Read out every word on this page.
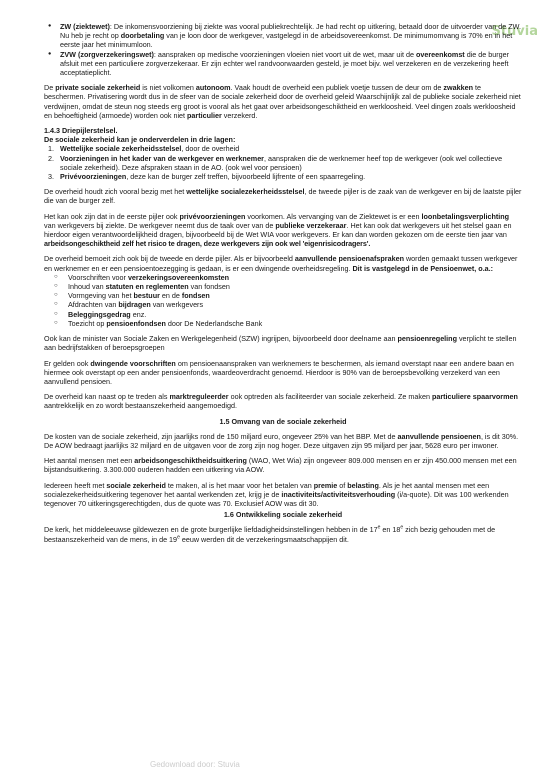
Stuvia
● ZW (ziektewet): De inkomensvoorziening bij ziekte was vooral publiekrechtelijk. Je had recht op uitkering, betaald door de uitvoerder van de ZW. Nu heb je recht op doorbetaling van je loon door de werkgever, vastgelegd in de arbeidsovereenkomst. De minimumomvang is 70% en in het eerste jaar het minimumloon.
● ZVW (zorgverzekeringswet): aanspraken op medische voorzieningen vloeien niet voort uit de wet, maar uit de overeenkomst die de burger afsluit met een particuliere zorgverzekeraar. Er zijn echter wel randvoorwaarden gesteld, je moet bijv. wel verzekeren en de verzekering heeft acceptatieplicht.

De private sociale zekerheid is niet volkomen autonoom. Vaak houdt de overheid een publiek voetje tussen de deur om de zwakken te beschermen. Privatisering wordt dus in de sfeer van de sociale zekerheid door de overheid geleid Waarschijnlijk zal de publieke sociale zekerheid niet verdwijnen, omdat de steun nog steeds erg groot is vooral als het gaat over arbeidsongeschiktheid en werkloosheid. Veel dingen zoals werkloosheid en behoeftigheid (armoede) worden ook niet particulier verzekerd.

1.4.3 Driepijlerstelsel.
De sociale zekerheid kan je onderverdelen in drie lagen:
1. Wettelijke sociale zekerheidsstelsel, door de overheid
2. Voorzieningen in het kader van de werkgever en werknemer, aanspraken die de werknemer heef top de werkgever (ook wel collectieve sociale zekerheid). Deze afspraken staan in de AO. (ook wel voor pensioen)
3. Privévoorzieningen, deze kan de burger zelf treffen, bijvoorbeeld lijfrente of een spaarregeling.

De overheid houdt zich vooral bezig met het wettelijke socialezekerheidsstelsel, de tweede pijler is de zaak van de werkgever en bij de laatste pijler die van de burger zelf.

Het kan ook zijn dat in de eerste pijler ook privévoorzieningen voorkomen. Als vervanging van de Ziektewet is er een loonbetalingsverplichting van werkgevers bij ziekte. De werkgever neemt dus de taak over van de publieke verzekeraar. Het kan ook dat werkgevers uit het stelsel gaan en hierdoor eigen verantwoordelijkheid dragen, bijvoorbeeld bij de Wet WIA voor werkgevers. Er kan dan worden gekozen om de eerste tien jaar van
arbeidsongeschiktheid zelf het risico te dragen, deze werkgevers zijn ook wel 'eigenrisicodragers'.

De overheid bemoeit zich ook bij de tweede en derde pijler. Als er bijvoorbeeld aanvullende pensioenafspraken worden gemaakt tussen werkgever en werknemer en er een pensioentoezegging is gedaan, is er een dwingende overheidsregeling. Dit is vastgelegd in de Pensioenwet, o.a.:

○ Voorschriften voor verzekeringsovereenkomsten
○ Inhoud van statuten en reglementen van fondsen
○ Vormgeving van het bestuur en de fondsen
○ Afdrachten van bijdragen van werkgevers
○ Beleggingsgedrag enz.
○ Toezicht op pensioenfondsen door De Nederlandsche Bank

Ook kan de minister van Sociale Zaken en Werkgelegenheid (SZW) ingrijpen, bijvoorbeeld door deelname aan pensioenregeling verplicht te stellen aan bedrijfstakken of beroepsgroepen

Er gelden ook dwingende voorschriften om pensioenaanspraken van werknemers te beschermen, als iemand overstapt naar een andere baan en hiermee ook overstapt op een ander pensioenfonds, waardeoverdracht genoemd. Hierdoor is 90% van de beroepsbevolking verzekerd van een aanvullend pensioen.

De overheid kan naast op te treden als marktreguleerder ook optreden als faciliteerder van sociale zekerheid. Ze maken particuliere spaarvormen aantrekkelijk en zo wordt bestaanszekerheid aangemoedigd.

1.5 Omvang van de sociale zekerheid

De kosten van de sociale zekerheid, zijn jaarlijks rond de 150 miljard euro, ongeveer 25% van het BBP. Met de aanvullende pensioenen, is dit 30%. De AOW bedraagt jaarlijks 32 miljard en de uitgaven voor de zorg zijn nog hoger. Deze uitgaven zijn 95 miljard per jaar, 5628 euro per inwoner.

Het aantal mensen met een arbeidsongeschiktheidsuitkering (WAO, Wet Wia) zijn ongeveer 809.000 mensen en er zijn 450.000 mensen met een bijstandsuitkering. 3.300.000 ouderen hadden een uitkering via AOW.

Iedereen heeft met sociale zekerheid te maken, al is het maar voor het betalen van premie of belasting. Als je het aantal mensen met een socialezekerheidsuitkering tegenover het aantal werkenden zet, krijg je de inactiviteits/activiteitsverhouding (i/a-quote). Dit was 100 werkenden tegenover 70 uitkeringsgerechtigden, dus de quote was 70. Exclusief AOW was dit 30.

1.6 Ontwikkeling sociale zekerheid

De kerk, het middeleeuwse gildewezen en de grote burgerlijke liefdadigheidsinstellingen hebben in de 17e en 18e zich bezig gehouden met de bestaanszekerheid van de mens, in de 19e eeuw werden dit de verzekeringsmaatschappijen dit.

Gedownload door: Stuvia
